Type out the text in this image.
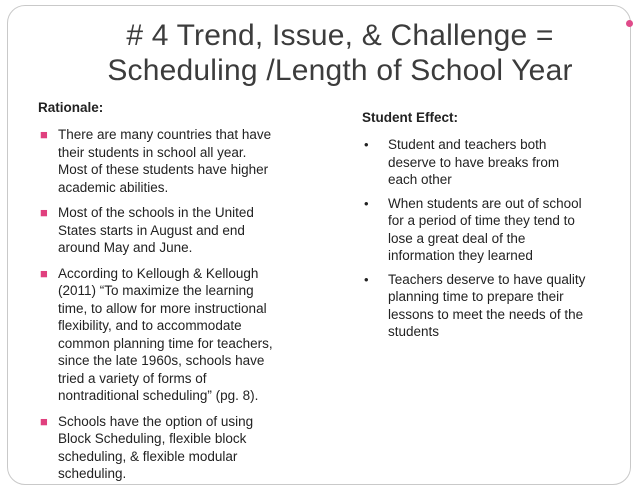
# 4 Trend, Issue, & Challenge =
Scheduling /Length of School Year
Rationale:
■ There are many countries that have their students in school all year. Most of these students have higher academic abilities.
■ Most of the schools in the United States starts in August and end around May and June.
■ According to Kellough & Kellough (2011) “To maximize the learning time, to allow for more instructional flexibility, and to accommodate common planning time for teachers, since the late 1960s, schools have tried a variety of forms of nontraditional scheduling” (pg. 8).
■ Schools have the option of using Block Scheduling, flexible block scheduling, & flexible modular scheduling.
Student Effect:
• Student and teachers both deserve to have breaks from each other
• When students are out of school for a period of time they tend to lose a great deal of the information they learned
• Teachers deserve to have quality planning time to prepare their lessons to meet the needs of the students
